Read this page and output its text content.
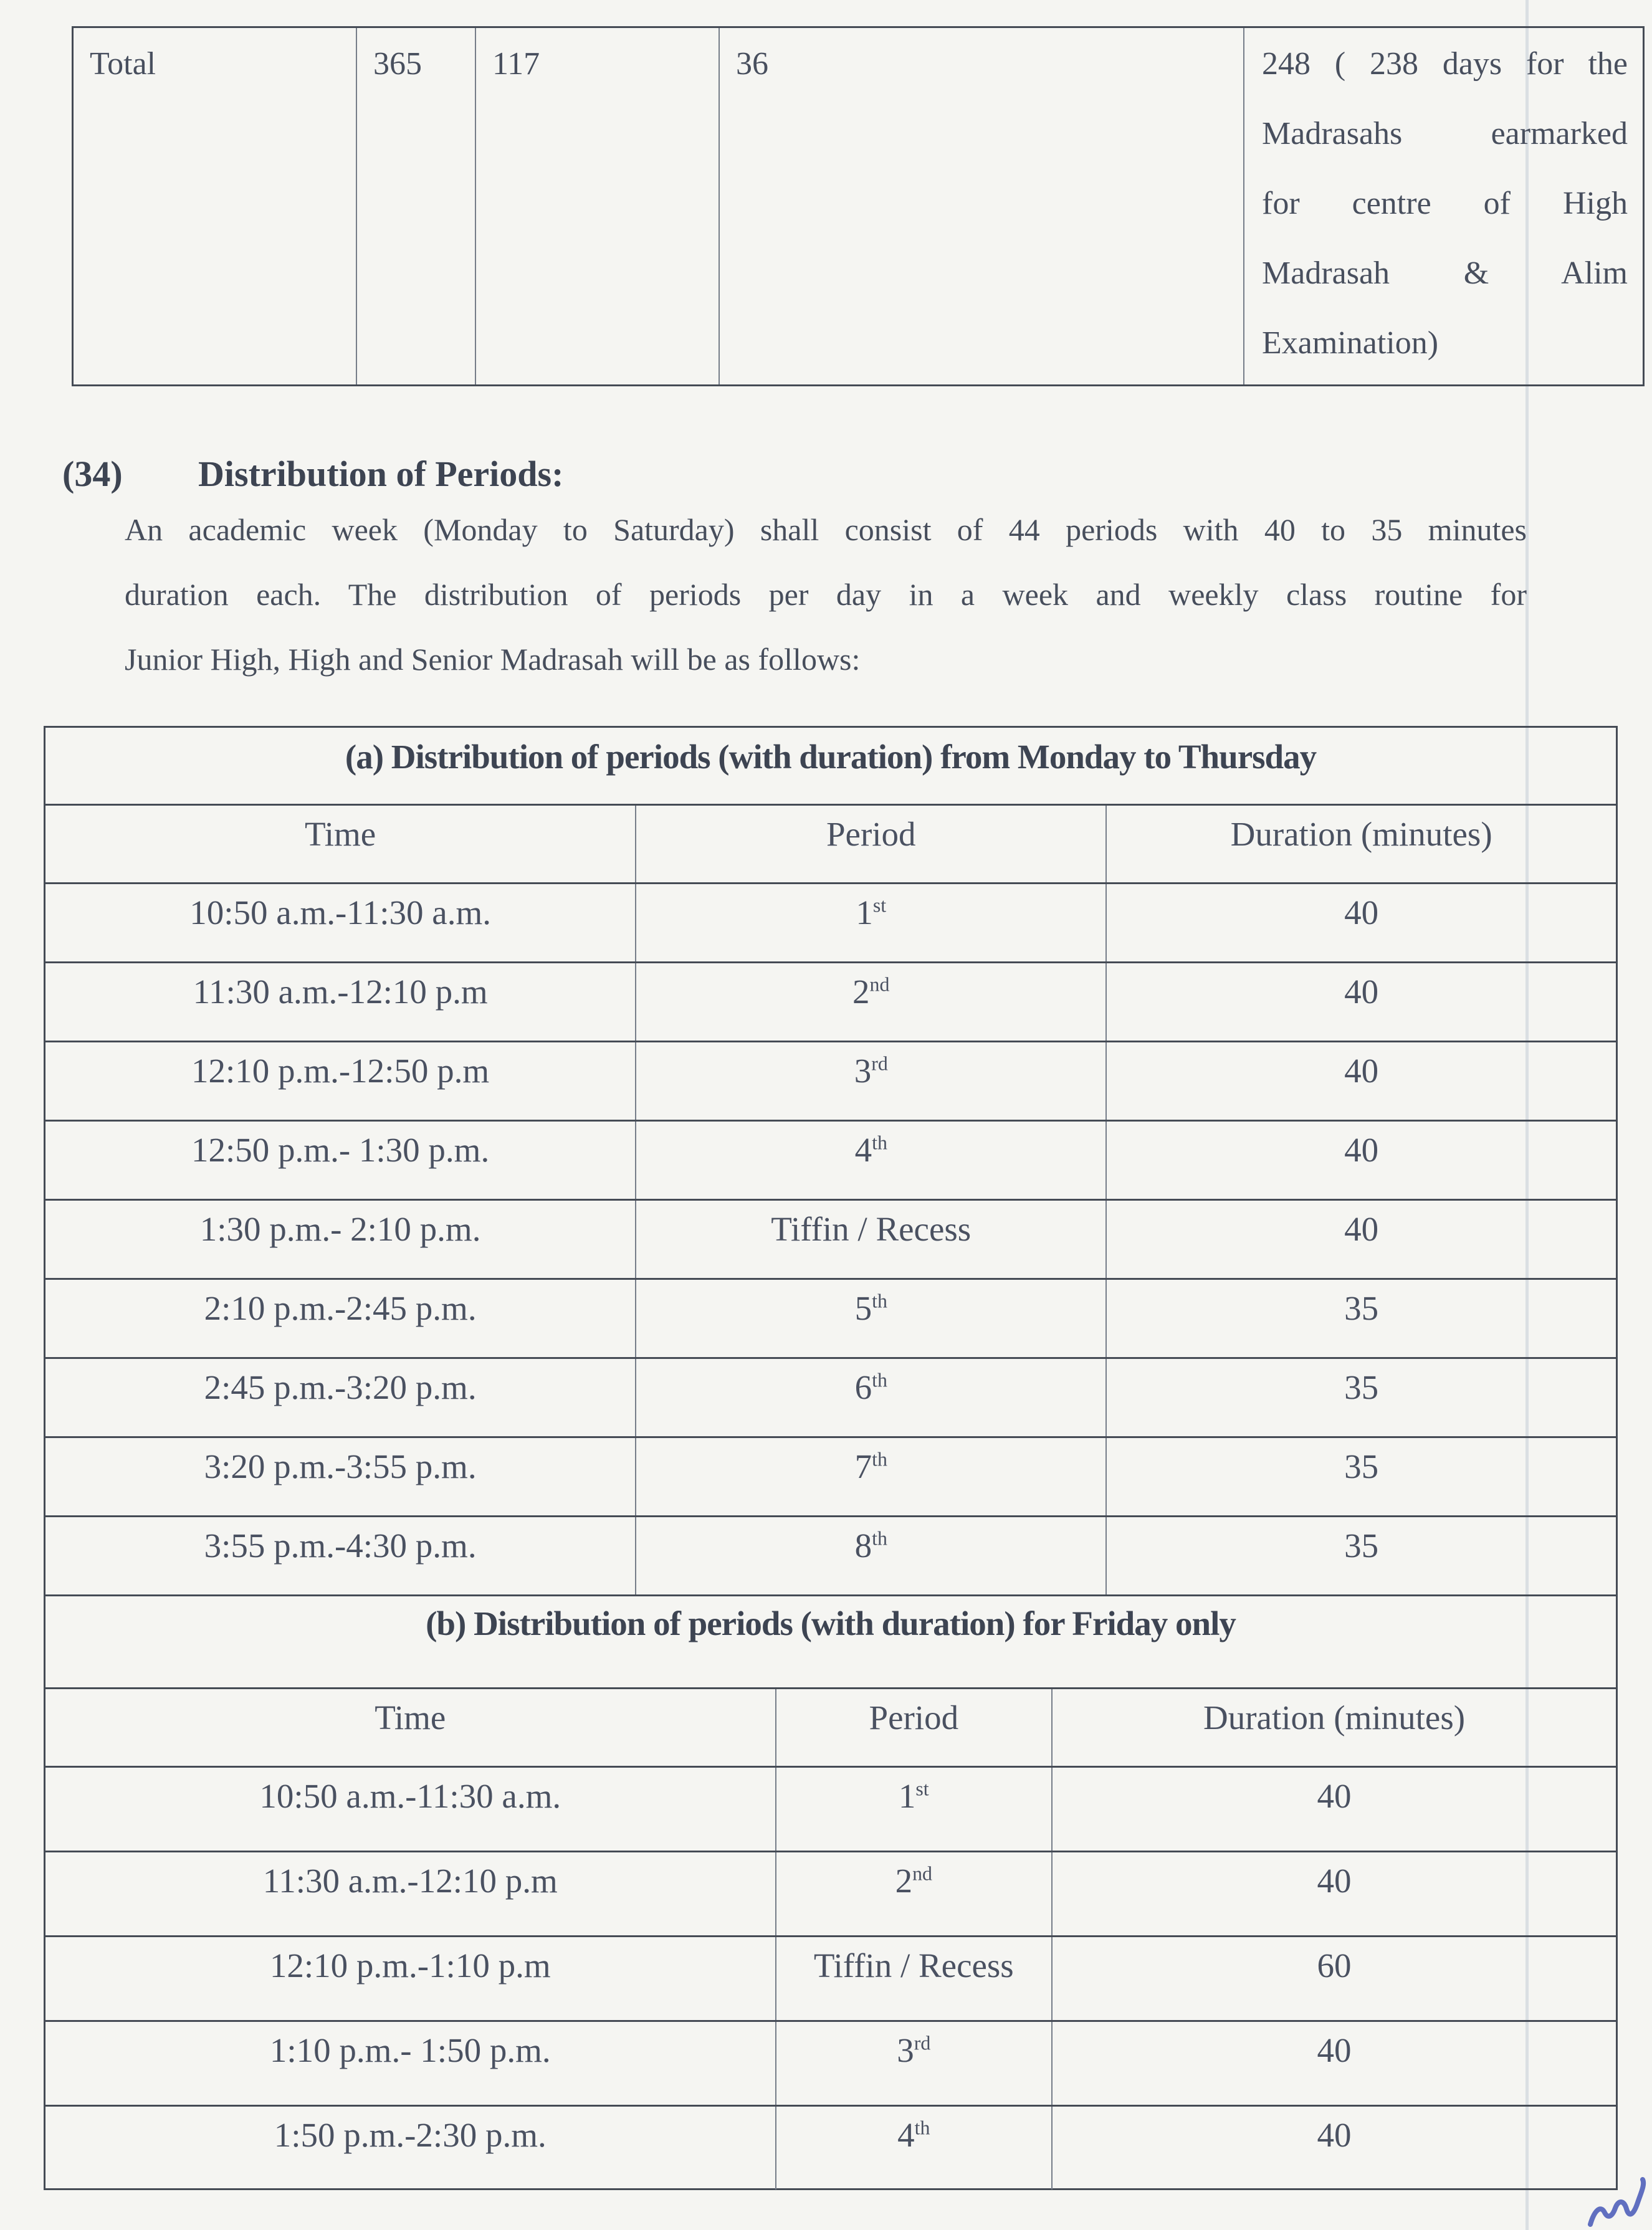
Total	365	117	36	248 ( 238 days for the
Madrasahs earmarked
for centre of High
Madrasah & Alim
Examination)
(34) Distribution of Periods:
An academic week (Monday to Saturday) shall consist of 44 periods with 40 to 35 minutes
duration each. The distribution of periods per day in a week and weekly class routine for
Junior High, High and Senior Madrasah will be as follows:
(a) Distribution of periods (with duration) from Monday to Thursday
Time	Period	Duration (minutes)
10:50 a.m.-11:30 a.m.	1st	40
11:30 a.m.-12:10 p.m	2nd	40
12:10 p.m.-12:50 p.m	3rd	40
12:50 p.m.- 1:30 p.m.	4th	40
1:30 p.m.- 2:10 p.m.	Tiffin / Recess	40
2:10 p.m.-2:45 p.m.	5th	35
2:45 p.m.-3:20 p.m.	6th	35
3:20 p.m.-3:55 p.m.	7th	35
3:55 p.m.-4:30 p.m.	8th	35
(b) Distribution of periods (with duration) for Friday only
Time	Period	Duration (minutes)
10:50 a.m.-11:30 a.m.	1st	40
11:30 a.m.-12:10 p.m	2nd	40
12:10 p.m.-1:10 p.m	Tiffin / Recess	60
1:10 p.m.- 1:50 p.m.	3rd	40
1:50 p.m.-2:30 p.m.	4th	40
